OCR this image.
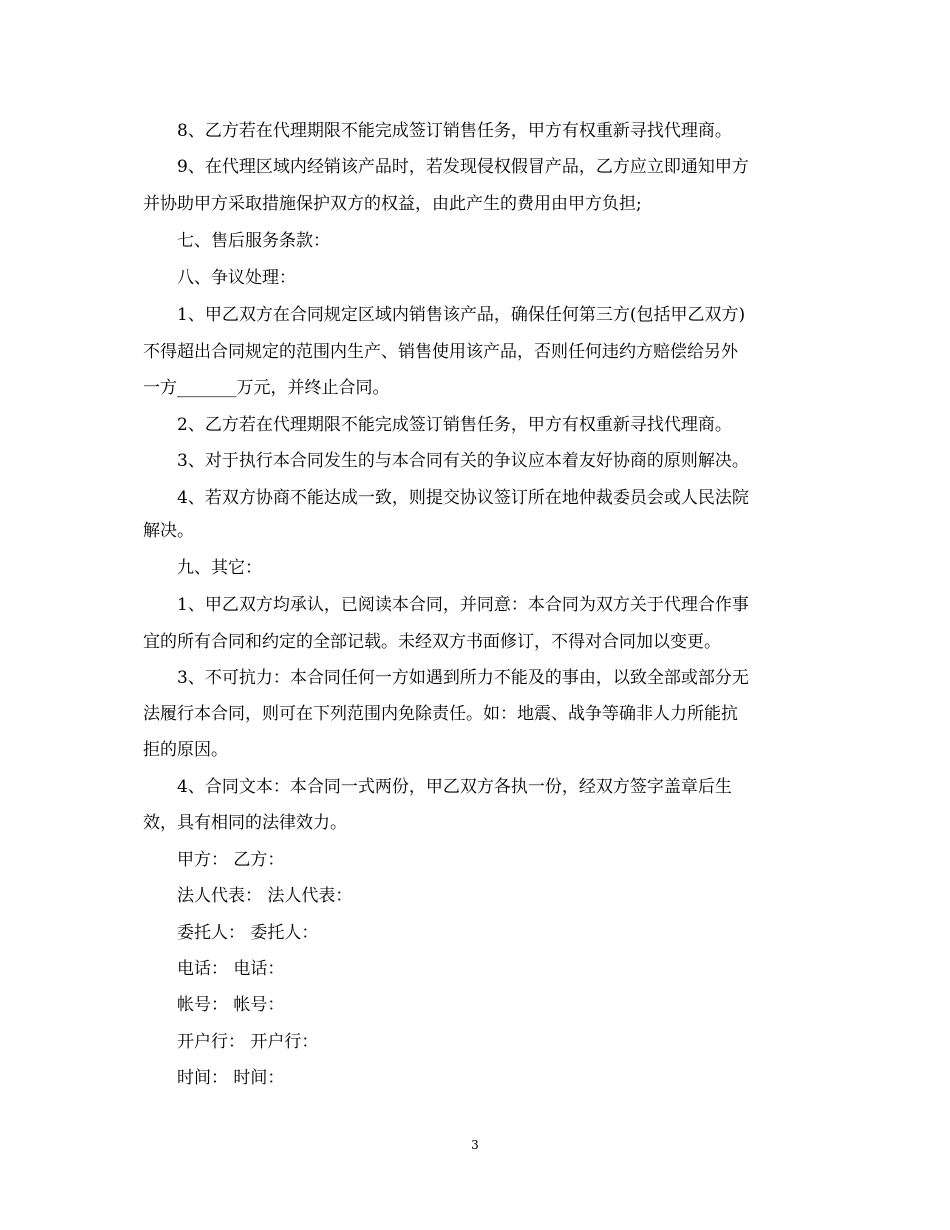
8、乙方若在代理期限不能完成签订销售任务，甲方有权重新寻找代理商。
9、在代理区域内经销该产品时，若发现侵权假冒产品，乙方应立即通知甲方
并协助甲方采取措施保护双方的权益，由此产生的费用由甲方负担;
七、售后服务条款：
八、争议处理：
1、甲乙双方在合同规定区域内销售该产品，确保任何第三方(包括甲乙双方)
不得超出合同规定的范围内生产、销售使用该产品，否则任何违约方赔偿给另外
一方_______万元，并终止合同。
2、乙方若在代理期限不能完成签订销售任务，甲方有权重新寻找代理商。
3、对于执行本合同发生的与本合同有关的争议应本着友好协商的原则解决。
4、若双方协商不能达成一致，则提交协议签订所在地仲裁委员会或人民法院
解决。
九、其它：
1、甲乙双方均承认，已阅读本合同，并同意：本合同为双方关于代理合作事
宜的所有合同和约定的全部记载。未经双方书面修订，不得对合同加以变更。
3、不可抗力：本合同任何一方如遇到所力不能及的事由，以致全部或部分无
法履行本合同，则可在下列范围内免除责任。如：地震、战争等确非人力所能抗
拒的原因。
4、合同文本：本合同一式两份，甲乙双方各执一份，经双方签字盖章后生
效，具有相同的法律效力。
甲方： 乙方：
法人代表： 法人代表：
委托人： 委托人：
电话： 电话：
帐号： 帐号：
开户行： 开户行：
时间： 时间：
3
